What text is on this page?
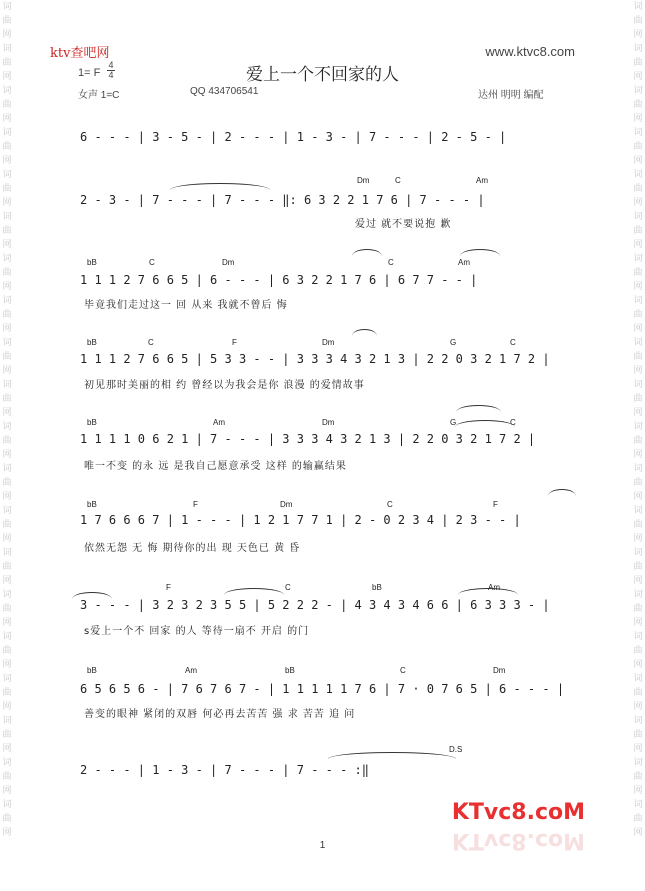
词
曲
网
词
曲
网
词
曲
网
词
曲
网
词
曲
网
词
曲
网
词
曲
网
词
曲
网
词
曲
网
词
曲
网
词
曲
网
词
曲
网
词
曲
网
词
曲
网
词
曲
网
词
曲
网
词
曲
网
词
曲
网
词
曲
网
词
曲
网
词
曲
网
词
曲
网
词
曲
网
词
曲
网
词
曲
网
词
曲
网
词
曲
网
词
曲
网
词
曲
网
词
曲
网
词
曲
网
词
曲
网
词
曲
网
词
曲
网
词
曲
网
词
曲
网
词
曲
网
词
曲
网
词
曲
网
词
曲
网
ktv查吧网	www.ktvc8.com
爱上一个不回家的人
1= F
4
4
女声 1=C	QQ 434706541	达州 明明 编配
6 - - - | 3 - 5 - | 2 - - - | 1 - 3 - | 7 - - - | 2 - 5 - |
2 - 3 - | 7 - - - | 7 - - - ‖: 6 3 2 2 1 7 6 | 7 - - - |
Dm	C	Am
爱过 就不要说抱 歉
1 1 1 2 7 6 6 5 | 6 - - - | 6 3 2 2 1 7 6 | 6 7 7 - - |
bB	C	Dm	C	Am
毕竟我们走过这一 回 从来 我就不曾后 悔
1 1 1 2 7 6 6 5 | 5 3 3 - - | 3 3 3 4 3 2 1 3 | 2 2 0 3 2 1 7 2 |
bB	C	F	Dm	G	C
初见那时美丽的相 约 曾经以为我会是你 浪漫 的爱情故事
1 1 1 1 0 6 2 1 | 7 - - - | 3 3 3 4 3 2 1 3 | 2 2 0 3 2 1 7 2 |
bB	Am	Dm	G	C
唯一不变 的永 远 是我自己愿意承受 这样 的输赢结果
1 7 6 6 6 7 | 1 - - - | 1 2 1 7 7 1 | 2 - 0 2 3 4 | 2 3 - - |
bB	F	Dm	C	F
依然无怨 无 悔 期待你的出 现 天色已 黄 昏
3 - - - | 3 2 3 2 3 5 5 | 5 2 2 2 - | 4 3 4 3 4 6 6 | 6 3 3 3 - |
F	C	bB	Am
s爱上一个不 回家 的人 等待一扇不 开启 的门
6 5 6 5 6 - | 7 6 7 6 7 - | 1 1 1 1 1 7 6 | 7 · 0 7 6 5 | 6 - - - |
bB	Am	bB	C	Dm
善变的眼神 紧闭的双唇 何必再去苦苦 强 求 苦苦 追 问
2 - - - | 1 - 3 - | 7 - - - | 7 - - - :‖
D.S
KTvc8.coM
KTvc8.coM
1
